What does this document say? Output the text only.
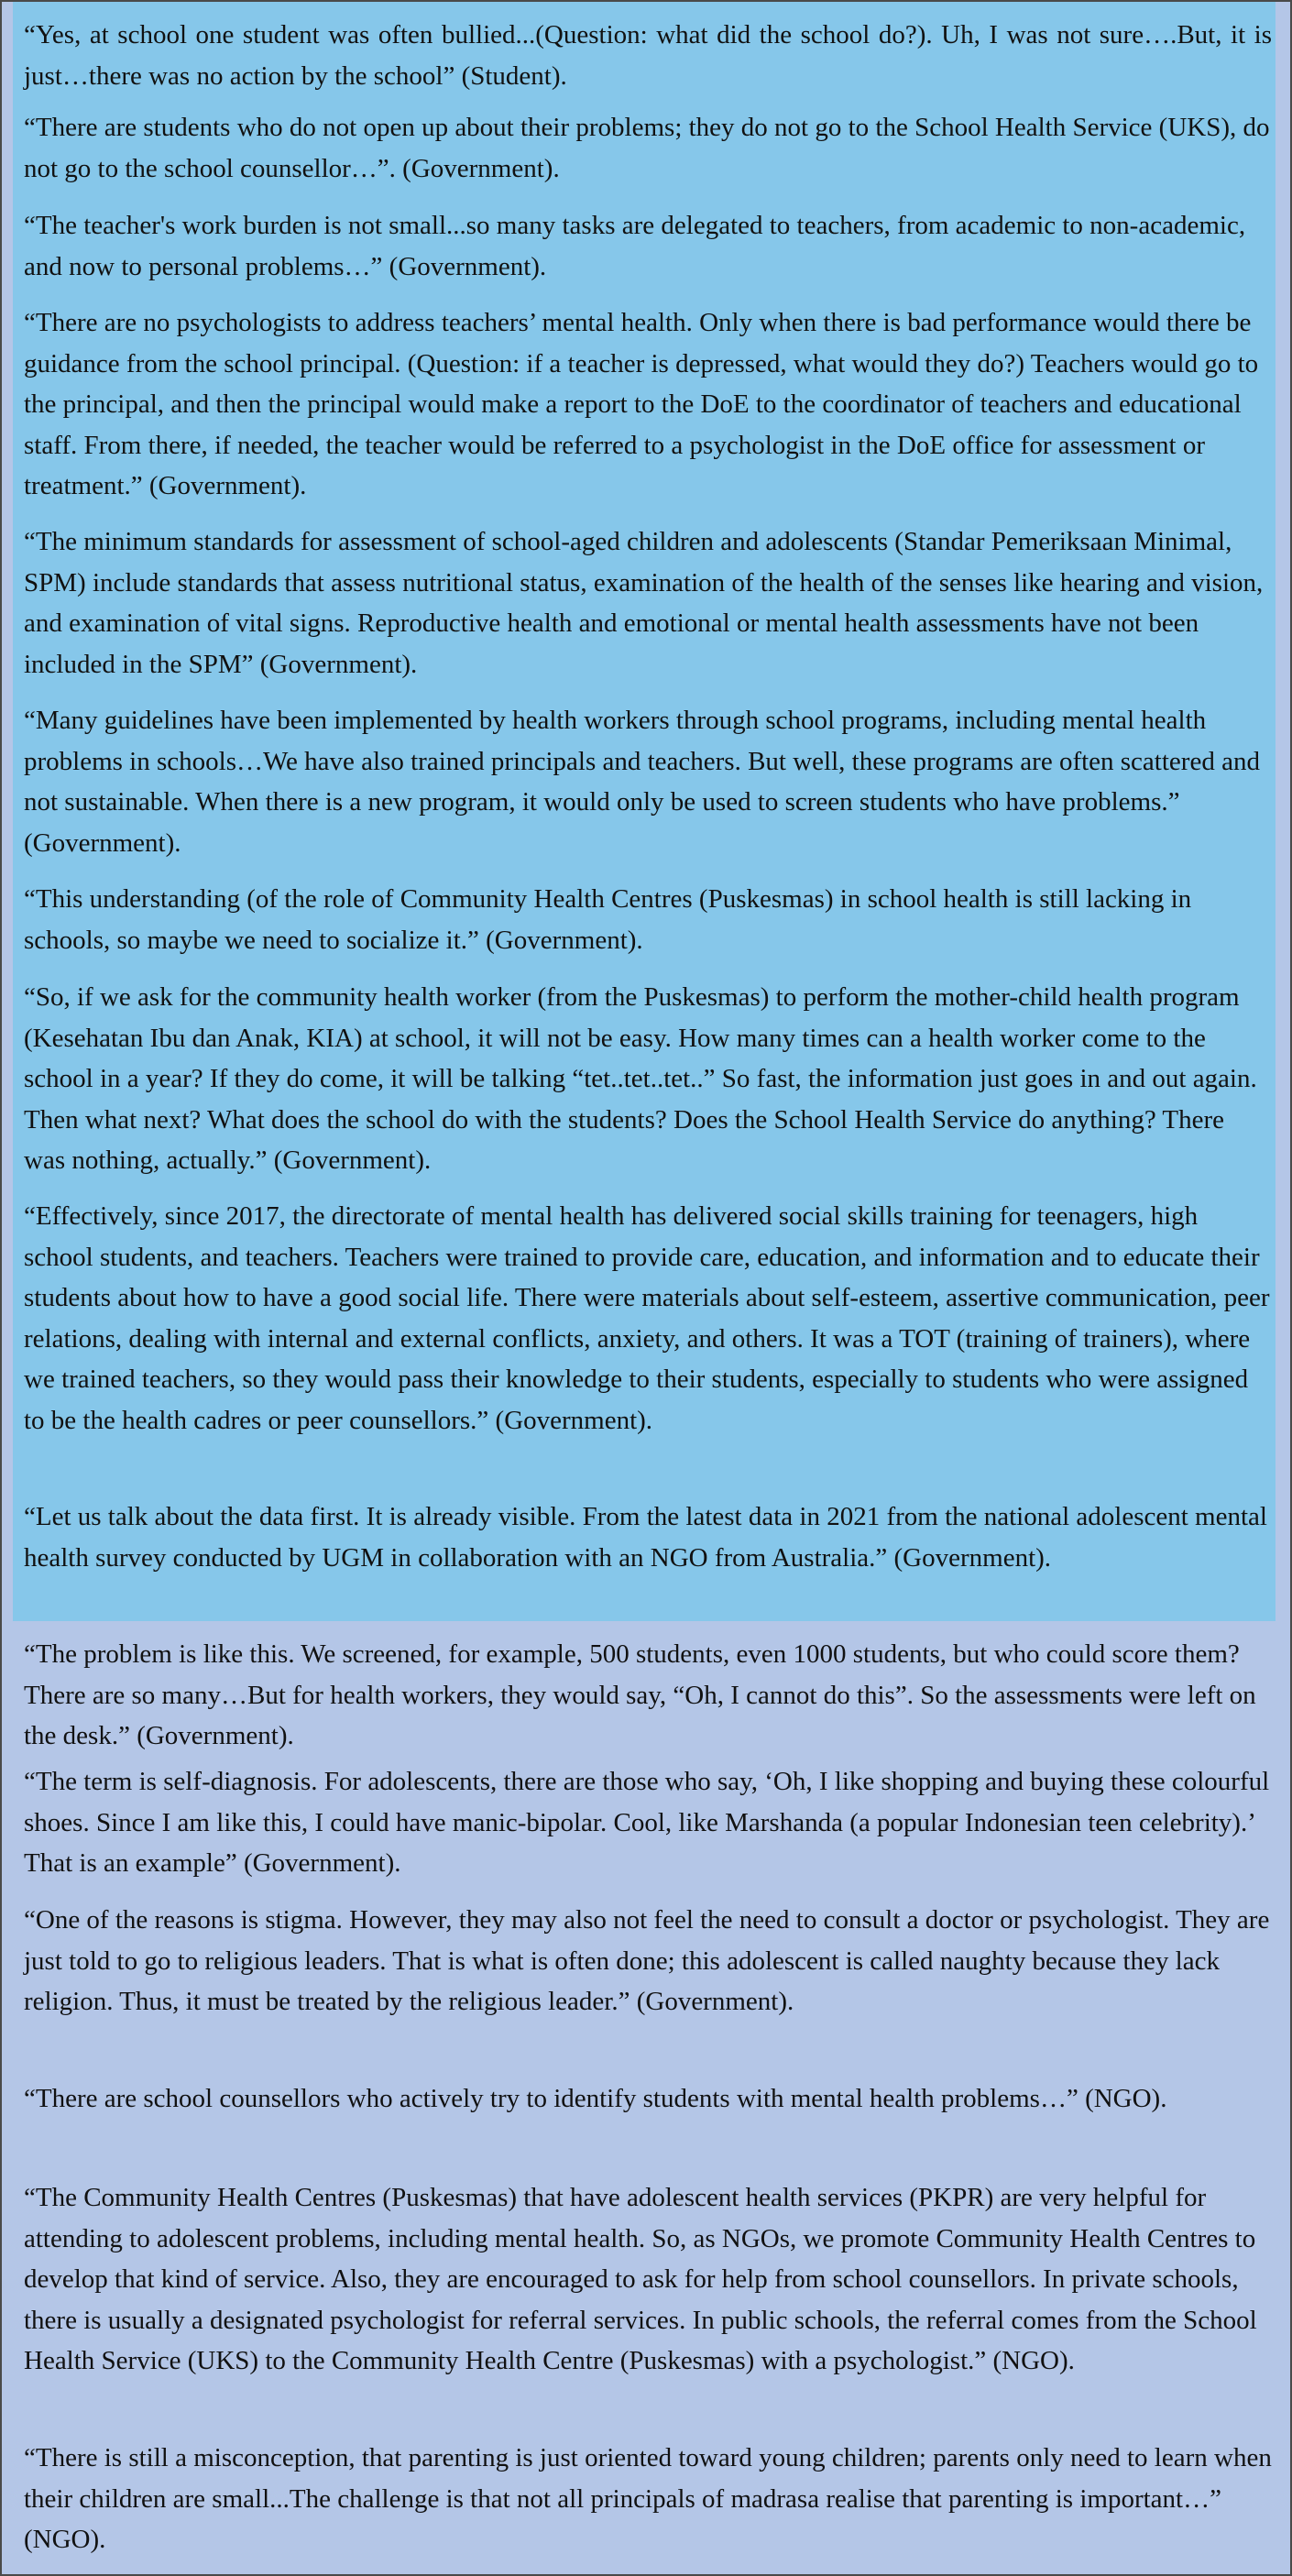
“Yes, at school one student was often bullied...(Question: what did the school do?). Uh, I was not sure….But, it is just…there was no action by the school” (Student).

“There are students who do not open up about their problems; they do not go to the School Health Service (UKS), do not go to the school counsellor…”. (Government).

“The teacher's work burden is not small...so many tasks are delegated to teachers, from academic to non-academic, and now to personal problems…” (Government).

“There are no psychologists to address teachers’ mental health. Only when there is bad performance would there be guidance from the school principal. (Question: if a teacher is depressed, what would they do?) Teachers would go to the principal, and then the principal would make a report to the DoE to the coordinator of teachers and educational staff. From there, if needed, the teacher would be referred to a psychologist in the DoE office for assessment or treatment.” (Government).

“The minimum standards for assessment of school-aged children and adolescents (Standar Pemeriksaan Minimal, SPM) include standards that assess nutritional status, examination of the health of the senses like hearing and vision, and examination of vital signs. Reproductive health and emotional or mental health assessments have not been included in the SPM” (Government).

“Many guidelines have been implemented by health workers through school programs, including mental health problems in schools…We have also trained principals and teachers. But well, these programs are often scattered and not sustainable. When there is a new program, it would only be used to screen students who have problems.” (Government).

“This understanding (of the role of Community Health Centres (Puskesmas) in school health is still lacking in schools, so maybe we need to socialize it.” (Government).

“So, if we ask for the community health worker (from the Puskesmas) to perform the mother-child health program (Kesehatan Ibu dan Anak, KIA) at school, it will not be easy. How many times can a health worker come to the school in a year? If they do come, it will be talking “tet..tet..tet..” So fast, the information just goes in and out again. Then what next? What does the school do with the students? Does the School Health Service do anything? There was nothing, actually.” (Government).

“Effectively, since 2017, the directorate of mental health has delivered social skills training for teenagers, high school students, and teachers. Teachers were trained to provide care, education, and information and to educate their students about how to have a good social life. There were materials about self-esteem, assertive communication, peer relations, dealing with internal and external conflicts, anxiety, and others. It was a TOT (training of trainers), where we trained teachers, so they would pass their knowledge to their students, especially to students who were assigned to be the health cadres or peer counsellors.” (Government).

“Let us talk about the data first. It is already visible. From the latest data in 2021 from the national adolescent mental health survey conducted by UGM in collaboration with an NGO from Australia.” (Government).

“The problem is like this. We screened, for example, 500 students, even 1000 students, but who could score them? There are so many…But for health workers, they would say, “Oh, I cannot do this”. So the assessments were left on the desk.” (Government).

“The term is self-diagnosis. For adolescents, there are those who say, ‘Oh, I like shopping and buying these colourful shoes. Since I am like this, I could have manic-bipolar. Cool, like Marshanda (a popular Indonesian teen celebrity).’ That is an example” (Government).

“One of the reasons is stigma. However, they may also not feel the need to consult a doctor or psychologist. They are just told to go to religious leaders. That is what is often done; this adolescent is called naughty because they lack religion. Thus, it must be treated by the religious leader.” (Government).

“There are school counsellors who actively try to identify students with mental health problems…” (NGO).

“The Community Health Centres (Puskesmas) that have adolescent health services (PKPR) are very helpful for attending to adolescent problems, including mental health. So, as NGOs, we promote Community Health Centres to develop that kind of service. Also, they are encouraged to ask for help from school counsellors. In private schools, there is usually a designated psychologist for referral services. In public schools, the referral comes from the School Health Service (UKS) to the Community Health Centre (Puskesmas) with a psychologist.” (NGO).

“There is still a misconception, that parenting is just oriented toward young children; parents only need to learn when their children are small...The challenge is that not all principals of madrasa realise that parenting is important…” (NGO).
